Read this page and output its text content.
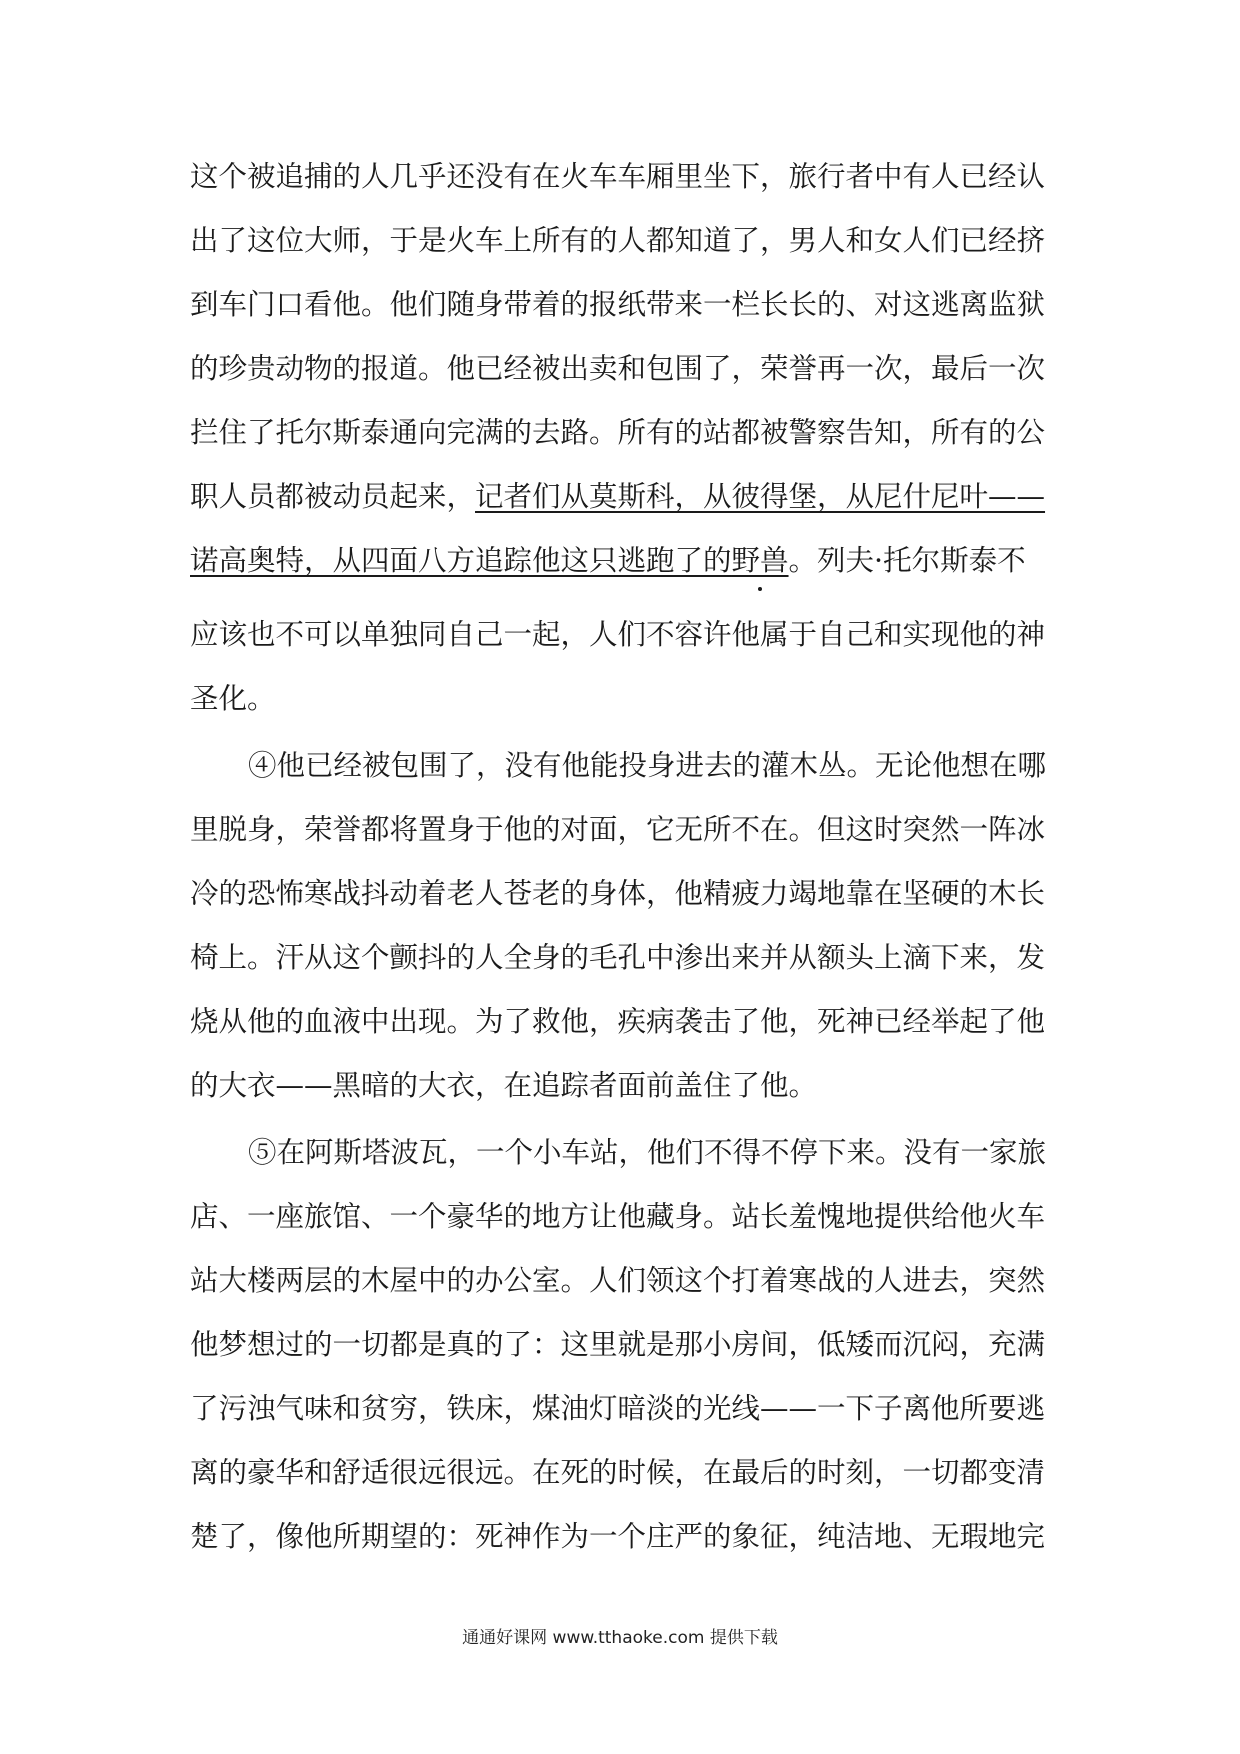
这个被追捕的人几乎还没有在火车车厢里坐下，旅行者中有人已经认
出了这位大师，于是火车上所有的人都知道了，男人和女人们已经挤
到车门口看他。他们随身带着的报纸带来一栏长长的、对这逃离监狱
的珍贵动物的报道。他已经被出卖和包围了，荣誉再一次，最后一次
拦住了托尔斯泰通向完满的去路。所有的站都被警察告知，所有的公
职人员都被动员起来，记者们从莫斯科，从彼得堡，从尼什尼叶——
诺高奥特，从四面八方追踪他这只逃跑了的野兽。列夫·托尔斯泰不
应该也不可以单独同自己一起，人们不容许他属于自己和实现他的神
圣化。
④他已经被包围了，没有他能投身进去的灌木丛。无论他想在哪
里脱身，荣誉都将置身于他的对面，它无所不在。但这时突然一阵冰
冷的恐怖寒战抖动着老人苍老的身体，他精疲力竭地靠在坚硬的木长
椅上。汗从这个颤抖的人全身的毛孔中渗出来并从额头上滴下来，发
烧从他的血液中出现。为了救他，疾病袭击了他，死神已经举起了他
的大衣——黑暗的大衣，在追踪者面前盖住了他。
⑤在阿斯塔波瓦，一个小车站，他们不得不停下来。没有一家旅
店、一座旅馆、一个豪华的地方让他藏身。站长羞愧地提供给他火车
站大楼两层的木屋中的办公室。人们领这个打着寒战的人进去，突然
他梦想过的一切都是真的了：这里就是那小房间，低矮而沉闷，充满
了污浊气味和贫穷，铁床，煤油灯暗淡的光线——一下子离他所要逃
离的豪华和舒适很远很远。在死的时候，在最后的时刻，一切都变清
楚了，像他所期望的：死神作为一个庄严的象征，纯洁地、无瑕地完
通通好课网 www.tthaoke.com 提供下载
